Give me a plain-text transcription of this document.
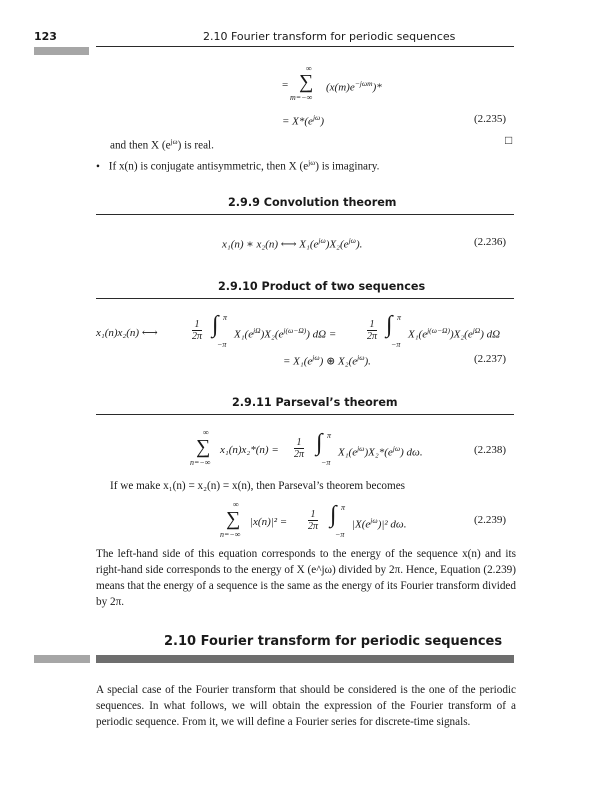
123	2.10 Fourier transform for periodic sequences
=
∞
∑
m=−∞
$(x(m)e^{-j\omega m})*$
= $X*(e^{j\omega})$	(2.235)
and then X $(e^{j\omega})$ is real.	□
• If x(n) is conjugate antisymmetric, then X $(e^{j\omega})$ is imaginary.
2.9.9 Convolution theorem
x₁(n) ∗ x₂(n) ⟷ $X_1(e^{j\omega})X_2(e^{j\omega})$.	(2.236)
2.9.10 Product of two sequences
x₁(n)x₂(n) ⟷	$\frac{1}{2\pi}$
π
∫
−π
$X_1(e^{j\Omega})X_2(e^{j(\omega-\Omega)}) d\Omega$ =	$\frac{1}{2\pi}$
π
∫
−π
$X_1(e^{j(\omega-\Omega)})X_2(e^{j\Omega})$ dΩ
= $X_1(e^{j\omega})$ ⊛ $X_2(e^{j\omega})$.	(2.237)
2.9.11 Parseval’s theorem
∞
∑
n=−∞
$x_1(n)x_2*(n) = \frac{1}{2\pi}$
π
∫
−π
$X_1(e^{j\omega})X_2*(e^{j\omega})$ dω.	(2.238)
If we make x₁(n) = x₂(n) = x(n), then Parseval’s theorem becomes
∞
∑
n=−∞
$|x(n)|^2 = \frac{1}{2\pi}$
π
∫
−π
$|X(e^{j\omega})|^2$ dω.	(2.239)
The left-hand side of this equation corresponds to the energy of the sequence x(n) and its right-hand side corresponds to the energy of X (e^jω) divided by 2π. Hence, Equation (2.239) means that the energy of a sequence is the same as the energy of its Fourier transform divided by 2π.
2.10 Fourier transform for periodic sequences
A special case of the Fourier transform that should be considered is the one of the periodic sequences. In what follows, we will obtain the expression of the Fourier transform of a periodic sequence. From it, we will define a Fourier series for discrete-time signals.
